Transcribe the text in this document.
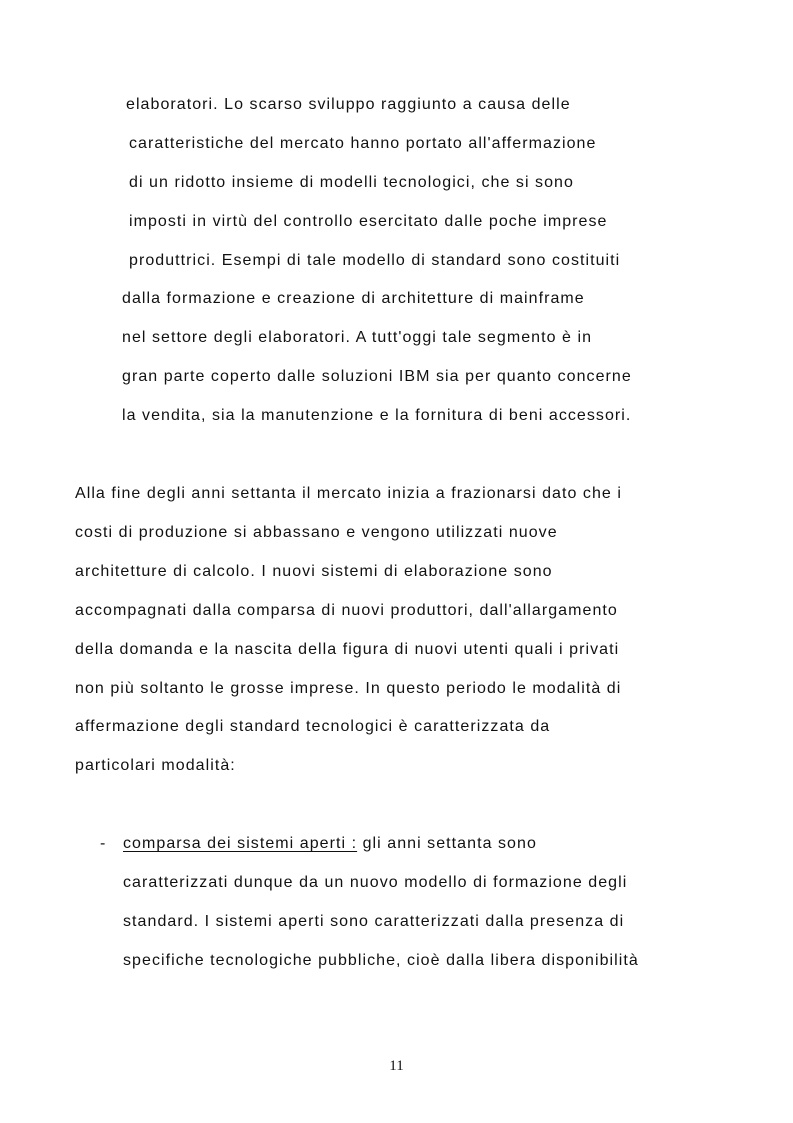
elaboratori. Lo scarso sviluppo raggiunto a causa delle
caratteristiche del mercato hanno portato all'affermazione
di un ridotto insieme di modelli tecnologici, che si sono
imposti in virtù del controllo esercitato dalle poche imprese
produttrici. Esempi di tale modello di standard sono costituiti
dalla formazione e creazione di architetture di mainframe
nel settore degli elaboratori. A tutt'oggi tale segmento è in
gran parte coperto dalle soluzioni IBM sia per quanto concerne
la vendita, sia la manutenzione e la fornitura di beni accessori.
Alla fine degli anni settanta il mercato inizia a frazionarsi dato che i
costi di produzione si abbassano e vengono utilizzati nuove
architetture di calcolo. I nuovi sistemi di elaborazione sono
accompagnati dalla comparsa di nuovi produttori, dall'allargamento
della domanda e la nascita della figura di nuovi utenti quali i privati
non più soltanto le grosse imprese. In questo periodo le modalità di
affermazione degli standard tecnologici è caratterizzata da
particolari modalità:
- comparsa dei sistemi aperti : gli anni settanta sono
caratterizzati dunque da un nuovo modello di formazione degli
standard. I sistemi aperti sono caratterizzati dalla presenza di
specifiche tecnologiche pubbliche, cioè dalla libera disponibilità
11
